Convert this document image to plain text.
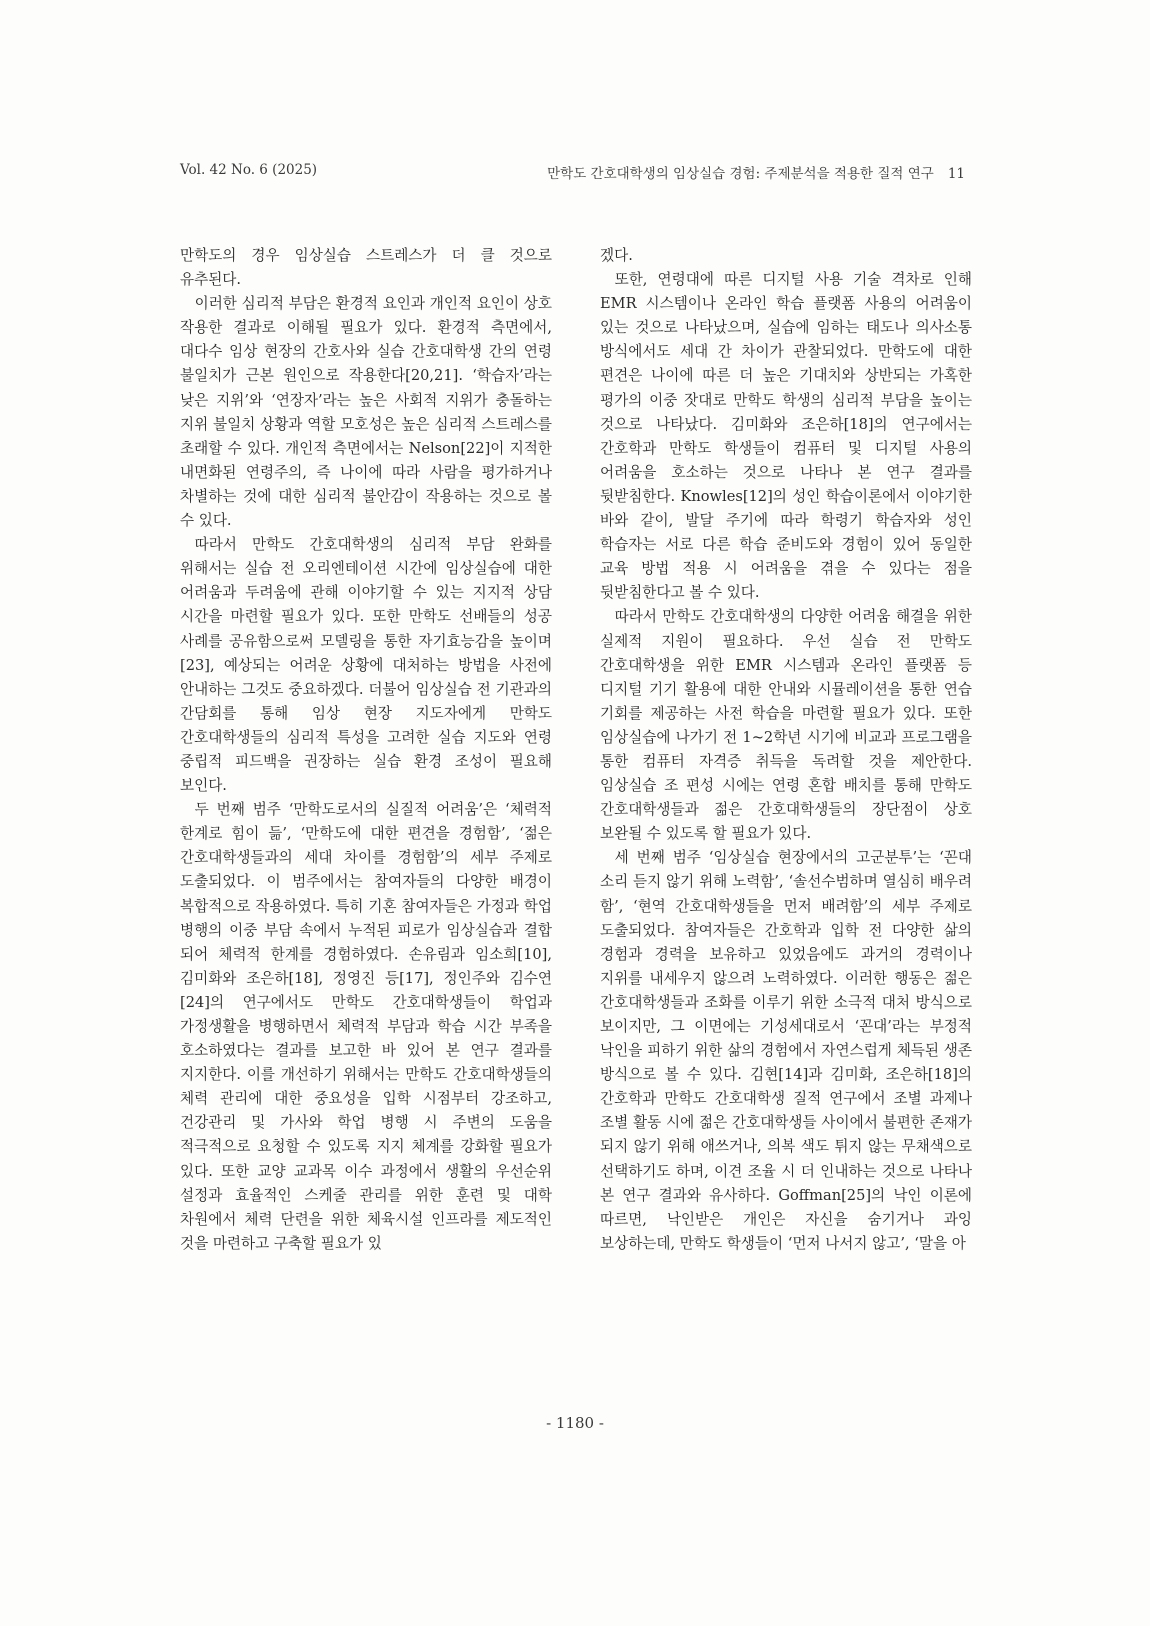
Vol. 42 No. 6 (2025)	만학도 간호대학생의 임상실습 경험: 주제분석을 적용한 질적 연구 11

만학도의 경우 임상실습 스트레스가 더 클 것으로 유추된다.

이러한 심리적 부담은 환경적 요인과 개인적 요인이 상호 작용한 결과로 이해될 필요가 있다. 환경적 측면에서, 대다수 임상 현장의 간호사와 실습 간호대학생 간의 연령 불일치가 근본 원인으로 작용한다[20,21]. ‘학습자’라는 낮은 지위’와 ‘연장자’라는 높은 사회적 지위가 충돌하는 지위 불일치 상황과 역할 모호성은 높은 심리적 스트레스를 초래할 수 있다. 개인적 측면에서는 Nelson[22]이 지적한 내면화된 연령주의, 즉 나이에 따라 사람을 평가하거나 차별하는 것에 대한 심리적 불안감이 작용하는 것으로 볼 수 있다.

따라서 만학도 간호대학생의 심리적 부담 완화를 위해서는 실습 전 오리엔테이션 시간에 임상실습에 대한 어려움과 두려움에 관해 이야기할 수 있는 지지적 상담 시간을 마련할 필요가 있다. 또한 만학도 선배들의 성공 사례를 공유함으로써 모델링을 통한 자기효능감을 높이며[23], 예상되는 어려운 상황에 대처하는 방법을 사전에 안내하는 그것도 중요하겠다. 더불어 임상실습 전 기관과의 간담회를 통해 임상 현장 지도자에게 만학도 간호대학생들의 심리적 특성을 고려한 실습 지도와 연령 중립적 피드백을 권장하는 실습 환경 조성이 필요해 보인다.

두 번째 범주 ‘만학도로서의 실질적 어려움’은 ‘체력적 한계로 힘이 듦’, ‘만학도에 대한 편견을 경험함’, ‘젊은 간호대학생들과의 세대 차이를 경험함’의 세부 주제로 도출되었다. 이 범주에서는 참여자들의 다양한 배경이 복합적으로 작용하였다. 특히 기혼 참여자들은 가정과 학업 병행의 이중 부담 속에서 누적된 피로가 임상실습과 결합 되어 체력적 한계를 경험하였다. 손유림과 임소희[10], 김미화와 조은하[18], 정영진 등[17], 정인주와 김수연[24]의 연구에서도 만학도 간호대학생들이 학업과 가정생활을 병행하면서 체력적 부담과 학습 시간 부족을 호소하였다는 결과를 보고한 바 있어 본 연구 결과를 지지한다. 이를 개선하기 위해서는 만학도 간호대학생들의 체력 관리에 대한 중요성을 입학 시점부터 강조하고, 건강관리 및 가사와 학업 병행 시 주변의 도움을 적극적으로 요청할 수 있도록 지지 체계를 강화할 필요가 있다. 또한 교양 교과목 이수 과정에서 생활의 우선순위 설정과 효율적인 스케줄 관리를 위한 훈련 및 대학 차원에서 체력 단련을 위한 체육시설 인프라를 제도적인 것을 마련하고 구축할 필요가 있

겠다.

또한, 연령대에 따른 디지털 사용 기술 격차로 인해 EMR 시스템이나 온라인 학습 플랫폼 사용의 어려움이 있는 것으로 나타났으며, 실습에 임하는 태도나 의사소통 방식에서도 세대 간 차이가 관찰되었다. 만학도에 대한 편견은 나이에 따른 더 높은 기대치와 상반되는 가혹한 평가의 이중 잣대로 만학도 학생의 심리적 부담을 높이는 것으로 나타났다. 김미화와 조은하[18]의 연구에서는 간호학과 만학도 학생들이 컴퓨터 및 디지털 사용의 어려움을 호소하는 것으로 나타나 본 연구 결과를 뒷받침한다. Knowles[12]의 성인 학습이론에서 이야기한 바와 같이, 발달 주기에 따라 학령기 학습자와 성인 학습자는 서로 다른 학습 준비도와 경험이 있어 동일한 교육 방법 적용 시 어려움을 겪을 수 있다는 점을 뒷받침한다고 볼 수 있다.

따라서 만학도 간호대학생의 다양한 어려움 해결을 위한 실제적 지원이 필요하다. 우선 실습 전 만학도 간호대학생을 위한 EMR 시스템과 온라인 플랫폼 등 디지털 기기 활용에 대한 안내와 시뮬레이션을 통한 연습 기회를 제공하는 사전 학습을 마련할 필요가 있다. 또한 임상실습에 나가기 전 1~2학년 시기에 비교과 프로그램을 통한 컴퓨터 자격증 취득을 독려할 것을 제안한다. 임상실습 조 편성 시에는 연령 혼합 배치를 통해 만학도 간호대학생들과 젊은 간호대학생들의 장단점이 상호 보완될 수 있도록 할 필요가 있다.

세 번째 범주 ‘임상실습 현장에서의 고군분투’는 ‘꼰대 소리 듣지 않기 위해 노력함’, ‘솔선수범하며 열심히 배우려 함’, ‘현역 간호대학생들을 먼저 배려함’의 세부 주제로 도출되었다. 참여자들은 간호학과 입학 전 다양한 삶의 경험과 경력을 보유하고 있었음에도 과거의 경력이나 지위를 내세우지 않으려 노력하였다. 이러한 행동은 젊은 간호대학생들과 조화를 이루기 위한 소극적 대처 방식으로 보이지만, 그 이면에는 기성세대로서 ‘꼰대’라는 부정적 낙인을 피하기 위한 삶의 경험에서 자연스럽게 체득된 생존 방식으로 볼 수 있다. 김현[14]과 김미화, 조은하[18]의 간호학과 만학도 간호대학생 질적 연구에서 조별 과제나 조별 활동 시에 젊은 간호대학생들 사이에서 불편한 존재가 되지 않기 위해 애쓰거나, 의복 색도 튀지 않는 무채색으로 선택하기도 하며, 이견 조율 시 더 인내하는 것으로 나타나 본 연구 결과와 유사하다. Goffman[25]의 낙인 이론에 따르면, 낙인받은 개인은 자신을 숨기거나 과잉 보상하는데, 만학도 학생들이 ‘먼저 나서지 않고’, ‘말을 아

- 1180 -
